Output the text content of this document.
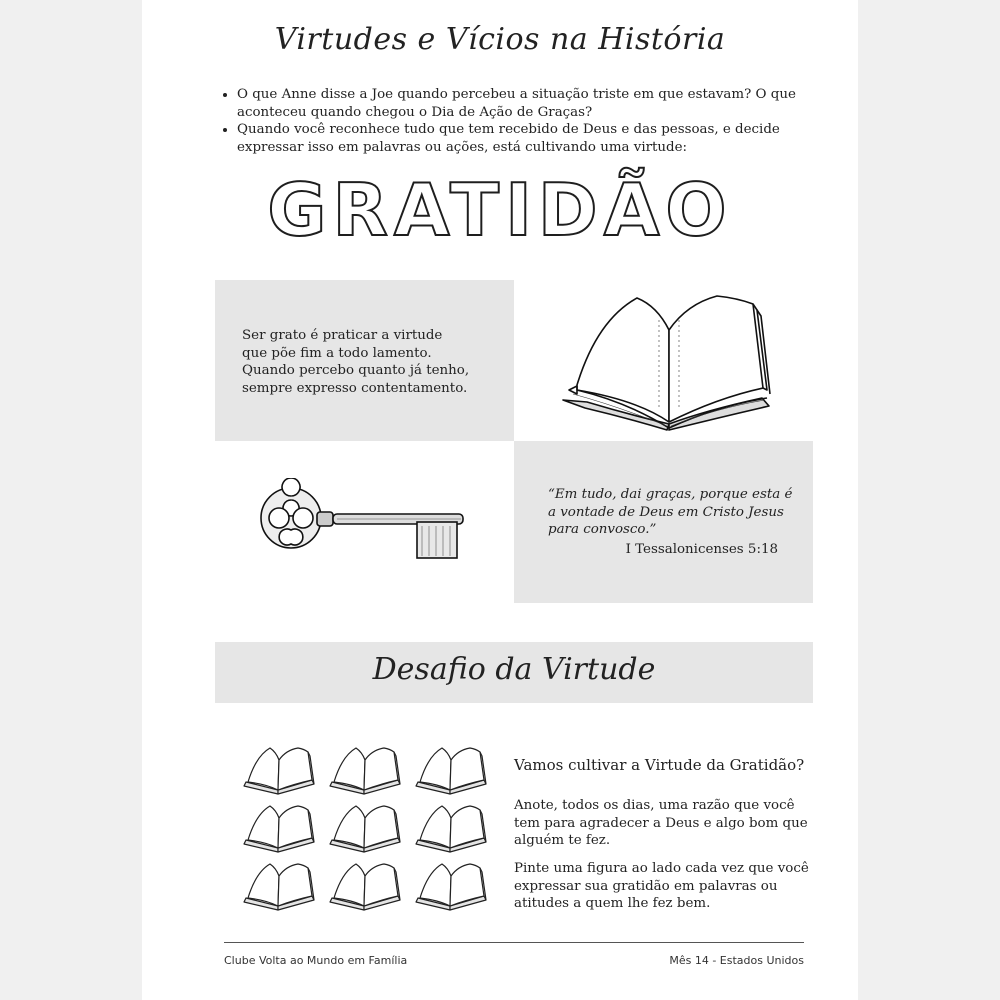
Virtudes e Vícios na História
• O que Anne disse a Joe quando percebeu a situação triste em que estavam? O que aconteceu quando chegou o Dia de Ação de Graças?
• Quando você reconhece tudo que tem recebido de Deus e das pessoas, e decide expressar isso em palavras ou ações, está cultivando uma virtude:
GRATIDÃO
Ser grato é praticar a virtude
que põe fim a todo lamento.
Quando percebo quanto já tenho,
sempre expresso contentamento.
“Em tudo, dai graças, porque esta é a vontade de Deus em Cristo Jesus para convosco.”
I Tessalonicenses 5:18
Desafio da Virtude
Vamos cultivar a Virtude da Gratidão?
Anote, todos os dias, uma razão que você tem para agradecer a Deus e algo bom que alguém te fez.
Pinte uma figura ao lado cada vez que você expressar sua gratidão em palavras ou atitudes a quem lhe fez bem.
Clube Volta ao Mundo em Família	Mês 14 - Estados Unidos
